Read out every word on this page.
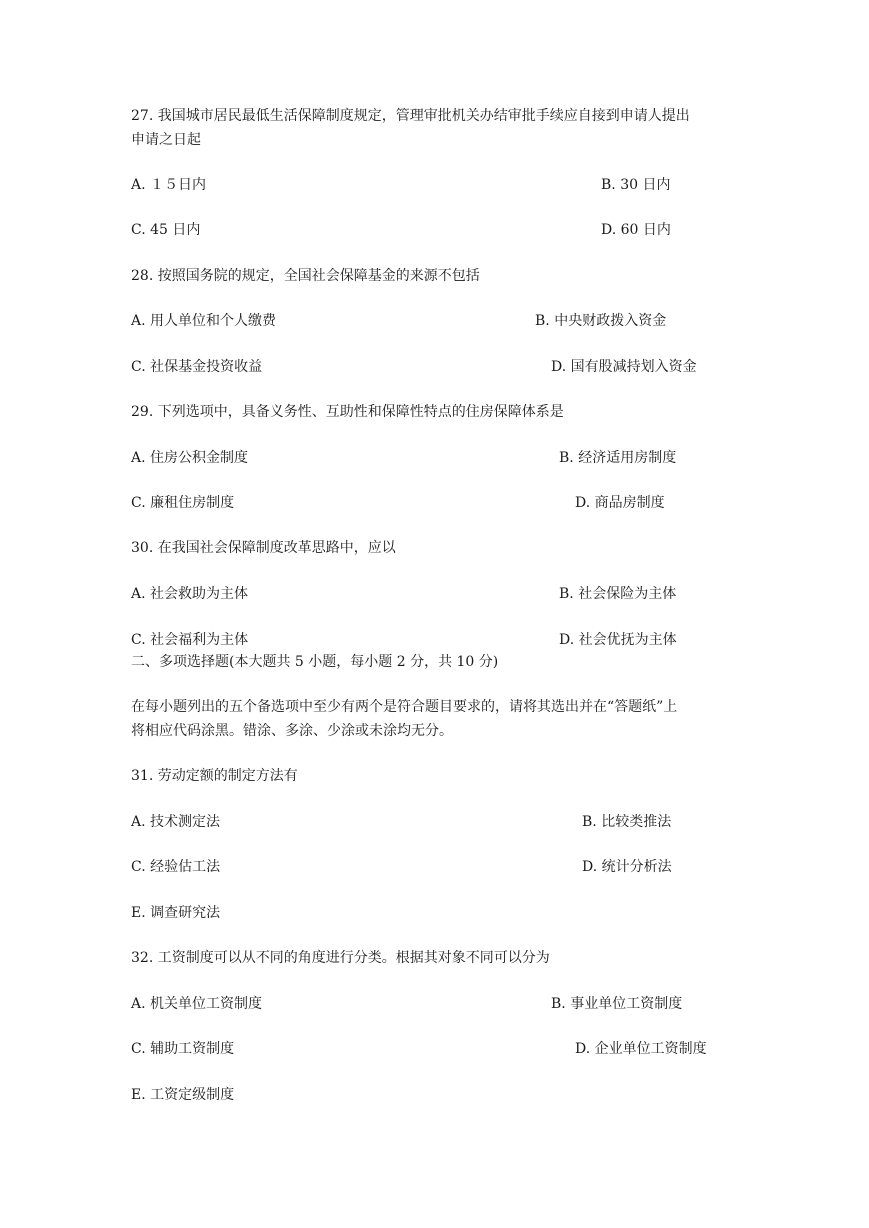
27. 我国城市居民最低生活保障制度规定，管理审批机关办结审批手续应自接到申请人提出
申请之日起
A. １５日内	B. 30 日内
C. 45 日内	D. 60 日内
28. 按照国务院的规定，全国社会保障基金的来源不包括
A. 用人单位和个人缴费	B. 中央财政拨入资金
C. 社保基金投资收益	D. 国有股减持划入资金
29. 下列选项中，具备义务性、互助性和保障性特点的住房保障体系是
A. 住房公积金制度	B. 经济适用房制度
C. 廉租住房制度	D. 商品房制度
30. 在我国社会保障制度改革思路中，应以
A. 社会救助为主体	B. 社会保险为主体
C. 社会福利为主体	D. 社会优抚为主体
二、多项选择题(本大题共 5 小题，每小题 2 分，共 10 分)
在每小题列出的五个备选项中至少有两个是符合题目要求的，请将其选出并在“答题纸”上
将相应代码涂黑。错涂、多涂、少涂或未涂均无分。
31. 劳动定额的制定方法有
A. 技术测定法	B. 比较类推法
C. 经验估工法	D. 统计分析法
E. 调查研究法
32. 工资制度可以从不同的角度进行分类。根据其对象不同可以分为
A. 机关单位工资制度	B. 事业单位工资制度
C. 辅助工资制度	D. 企业单位工资制度
E. 工资定级制度
